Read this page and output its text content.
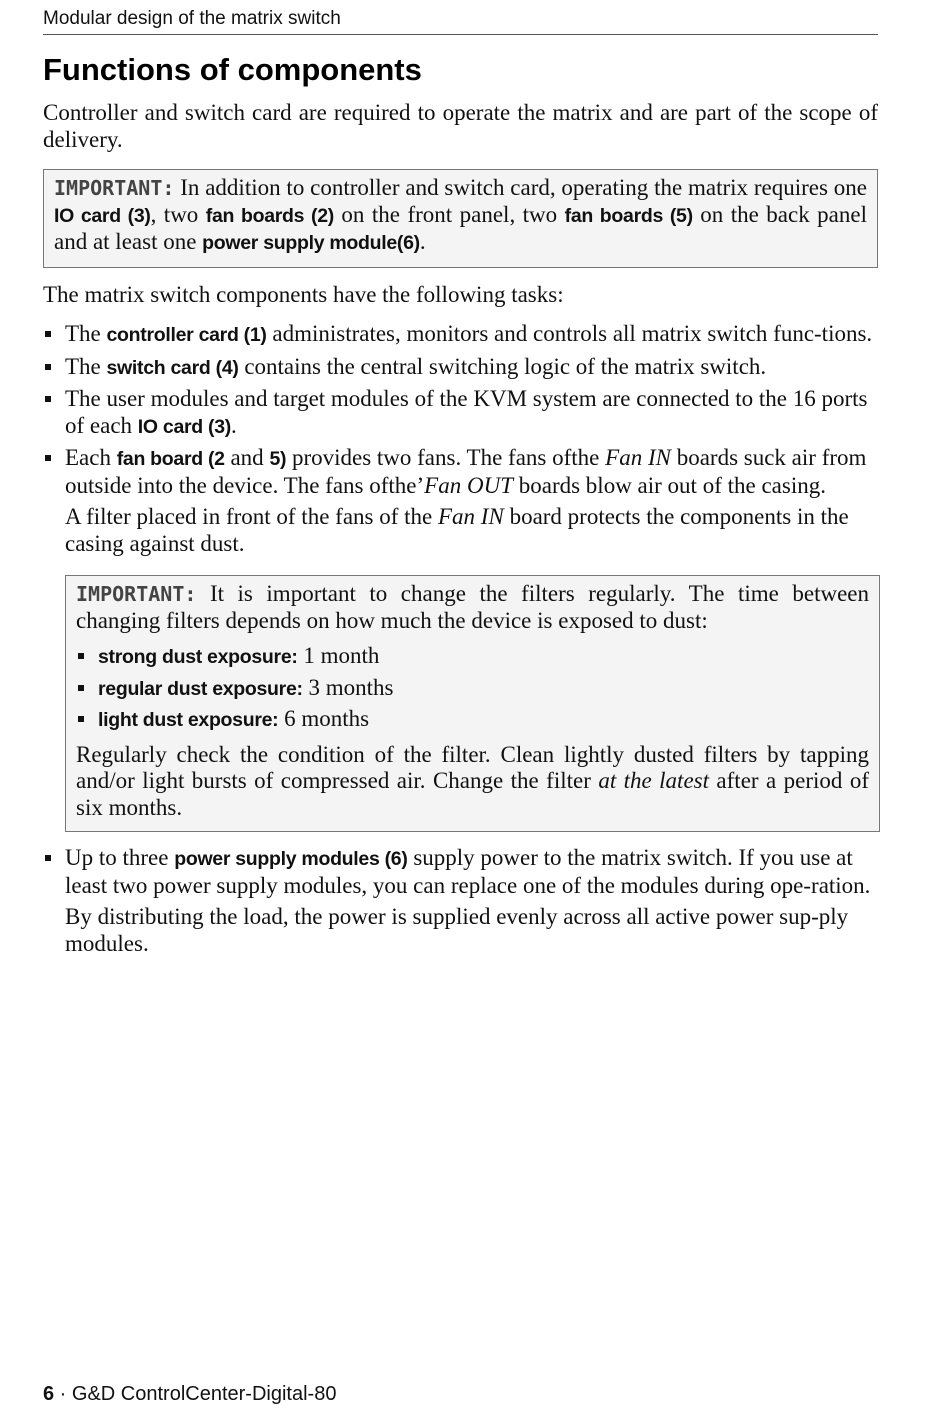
Modular design of the matrix switch
Functions of components

Controller and switch card are required to operate the matrix and are part of the scope of delivery.

IMPORTANT: In addition to controller and switch card, operating the matrix requires one IO card (3), two fan boards (2) on the front panel, two fan boards (5) on the back panel and at least one power supply module(6).

The matrix switch components have the following tasks:

The controller card (1) administrates, monitors and controls all matrix switch func-tions.
The switch card (4) contains the central switching logic of the matrix switch.
The user modules and target modules of the KVM system are connected to the 16 ports of each IO card (3).

Each fan board (2 and 5) provides two fans. The fans ofthe Fan IN boards suck air from outside into the device. The fans oftheʼFan OUT boards blow air out of the casing.

A filter placed in front of the fans of the Fan IN board protects the components in the casing against dust.

IMPORTANT: It is important to change the filters regularly. The time between changing filters depends on how much the device is exposed to dust:

strong dust exposure: 1 month
regular dust exposure: 3 months
light dust exposure: 6 months

Regularly check the condition of the filter. Clean lightly dusted filters by tapping and/or light bursts of compressed air. Change the filter at the latest after a period of six months.

Up to three power supply modules (6) supply power to the matrix switch. If you use at least two power supply modules, you can replace one of the modules during ope-ration.

By distributing the load, the power is supplied evenly across all active power sup-ply modules.

6 · G&D ControlCenter-Digital-80
